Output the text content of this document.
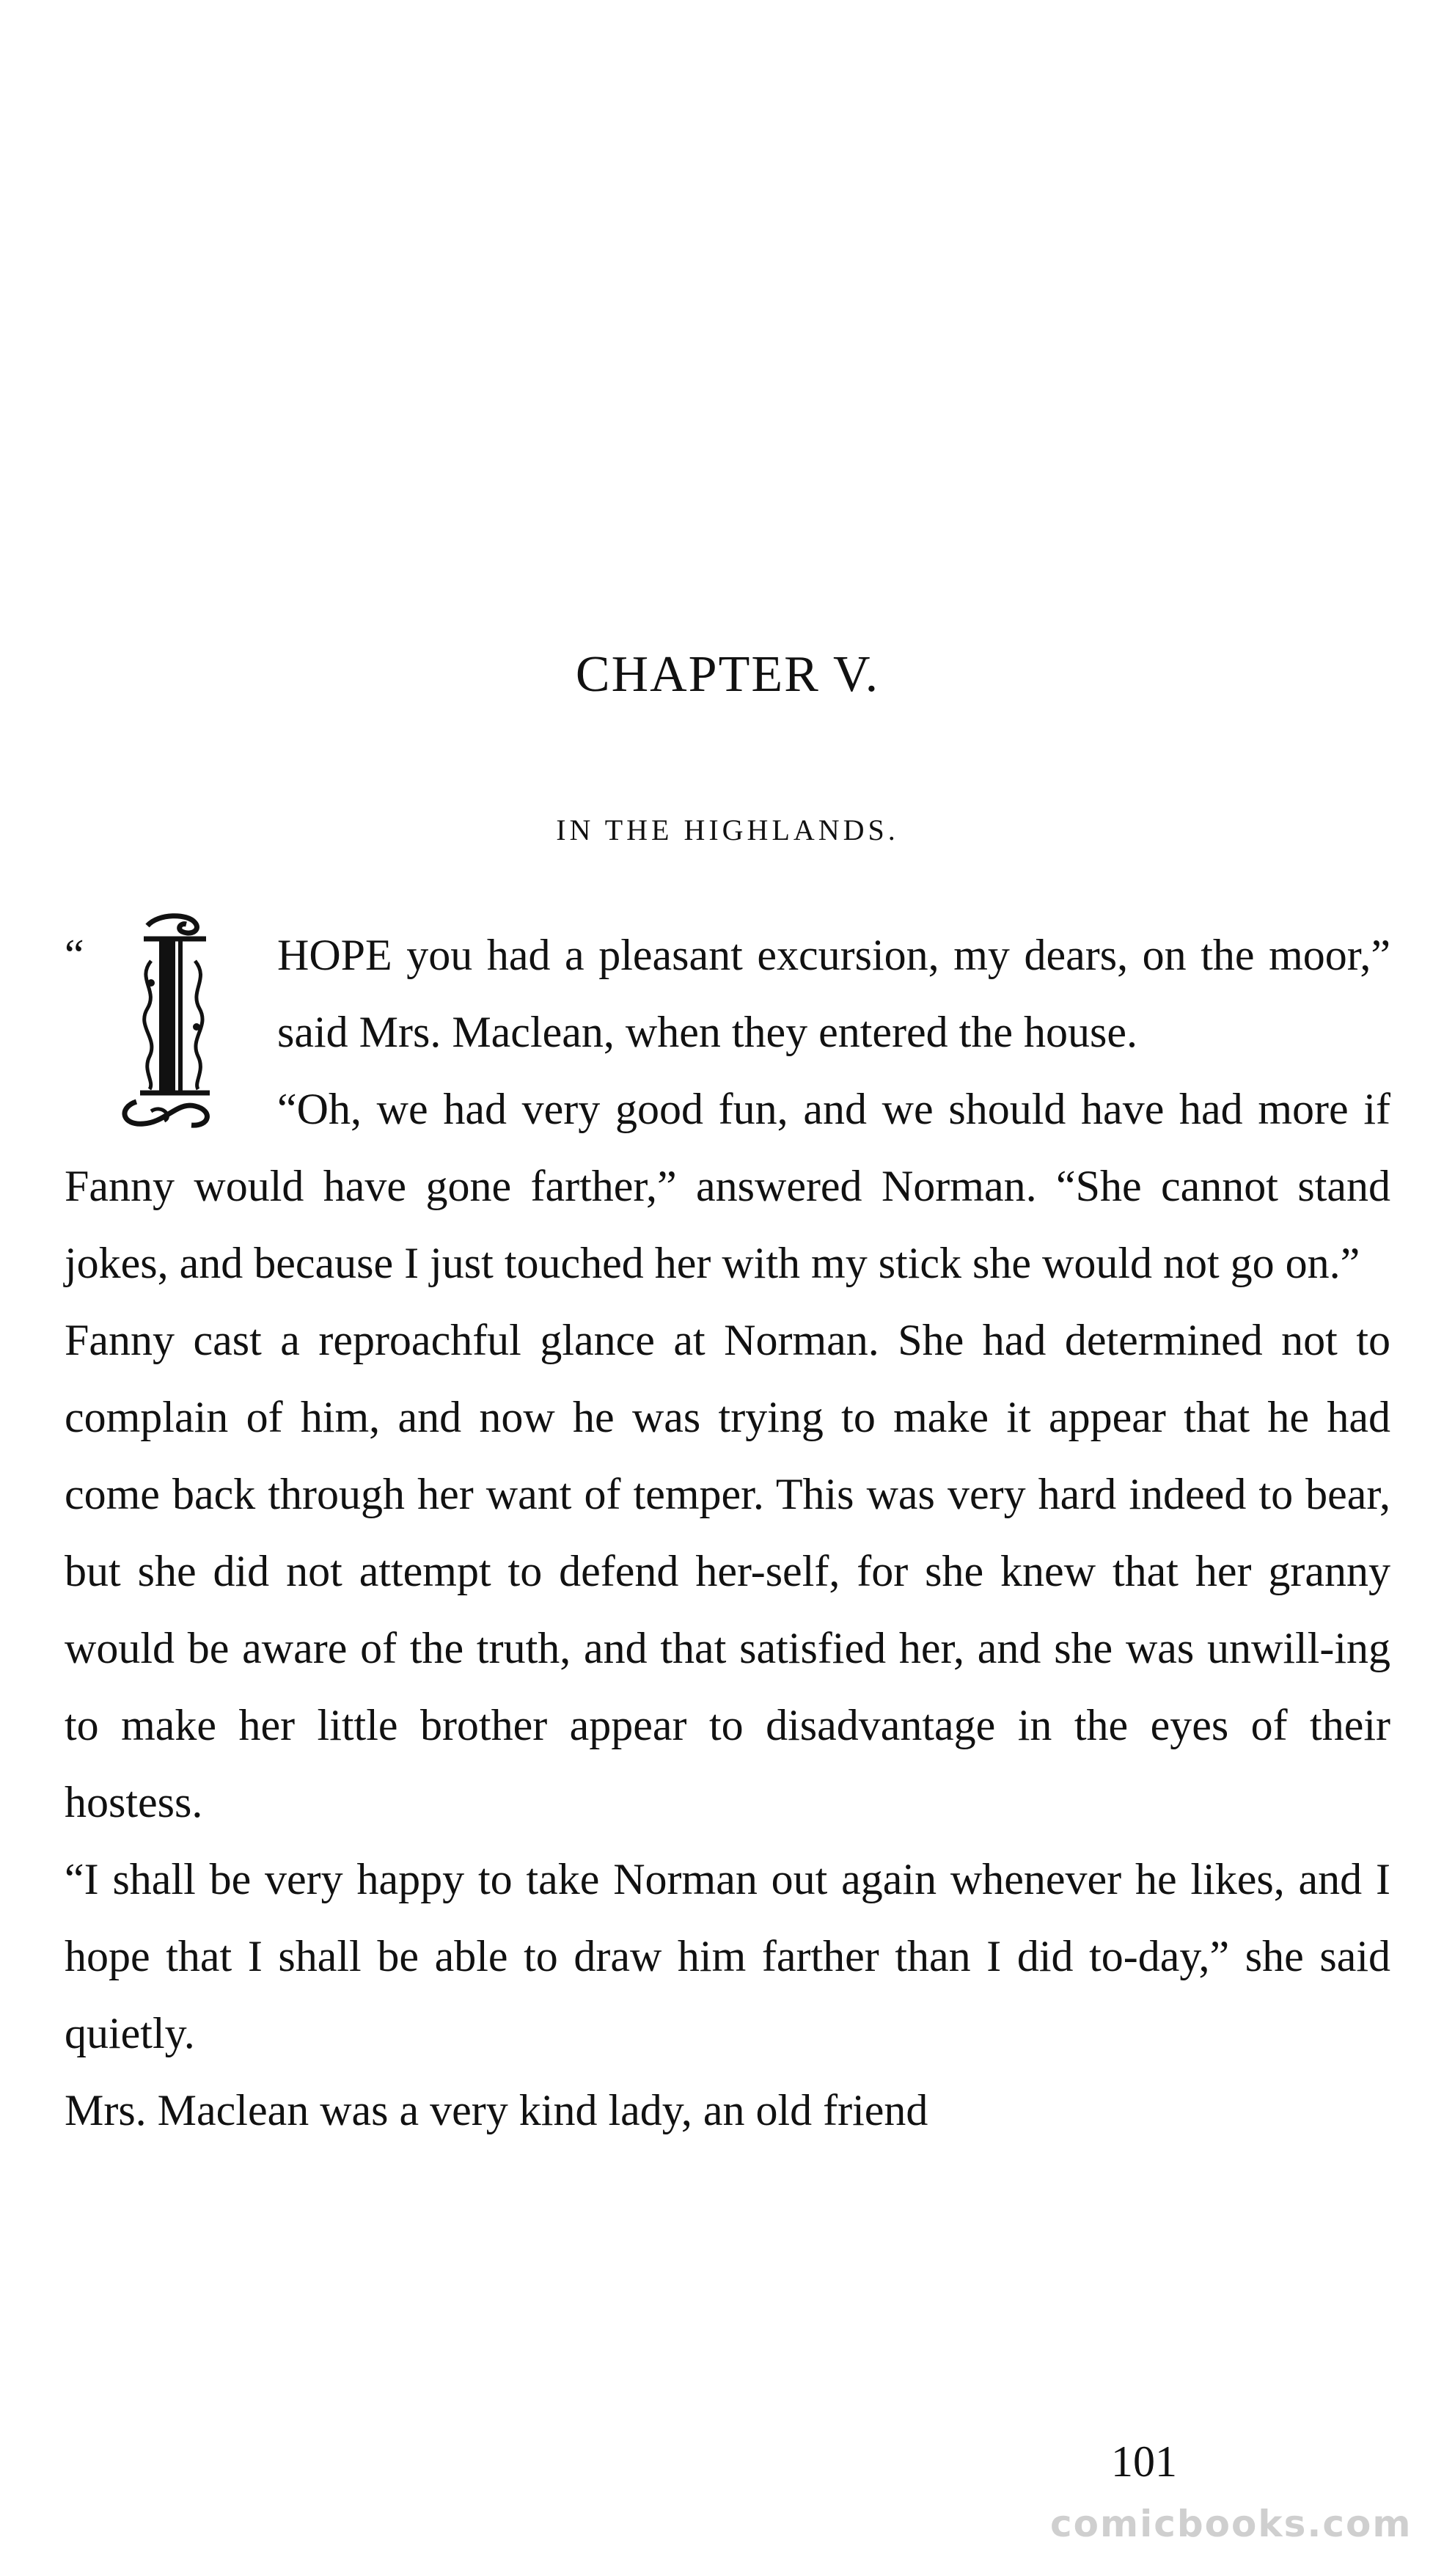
CHAPTER V.
IN THE HIGHLANDS.

“	HOPE you had a pleasant excursion, my dears, on the moor,” said Mrs. Maclean, when they entered the house.

“Oh, we had very good fun, and we should have had more if Fanny would have gone farther,” answered Norman. “She cannot stand jokes, and because I just touched her with my stick she would not go on.”

Fanny cast a reproachful glance at Norman. She had determined not to complain of him, and now he was trying to make it appear that he had come back through her want of temper. This was very hard indeed to bear, but she did not attempt to defend her-self, for she knew that her granny would be aware of the truth, and that satisfied her, and she was unwill-ing to make her little brother appear to disadvantage in the eyes of their hostess.

“I shall be very happy to take Norman out again whenever he likes, and I hope that I shall be able to draw him farther than I did to-day,” she said quietly.

Mrs. Maclean was a very kind lady, an old friend

101
comicbooks.com
